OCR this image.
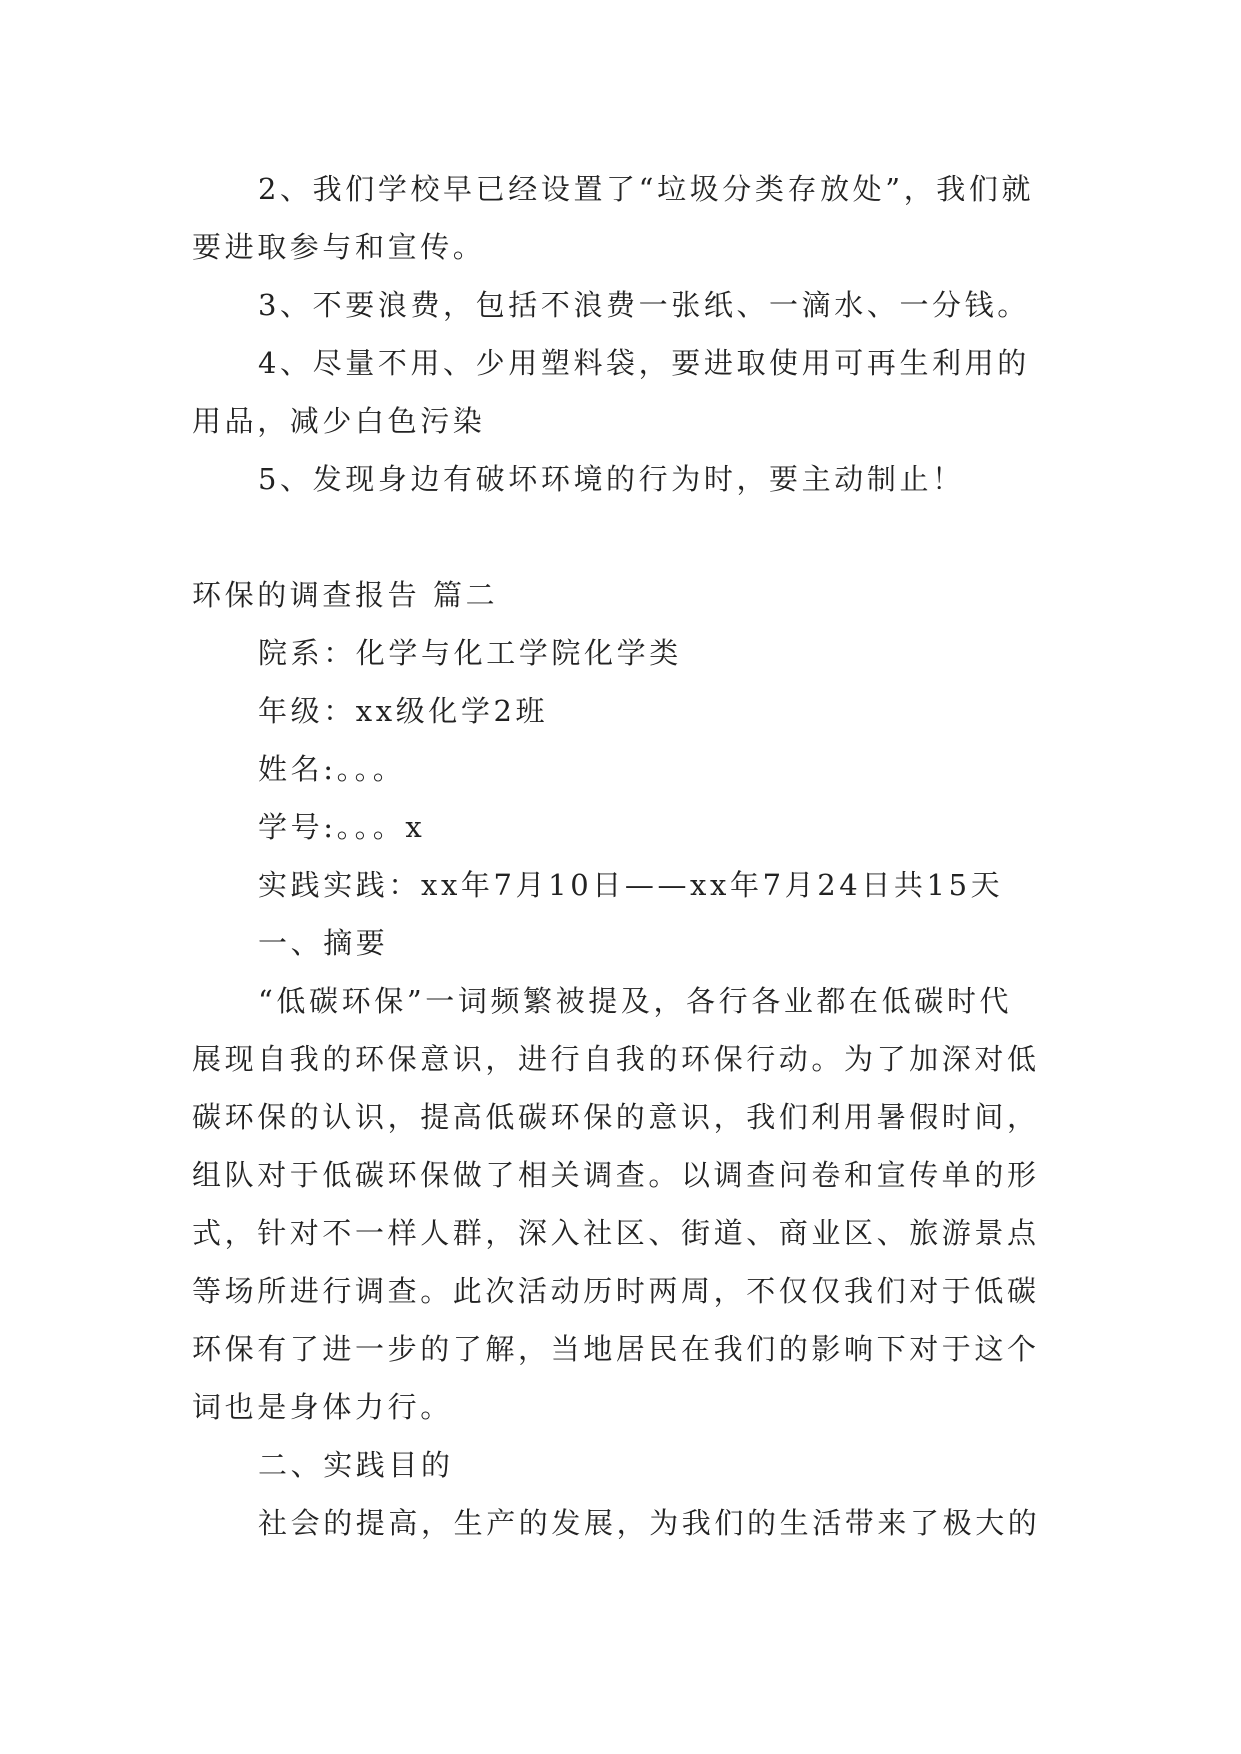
2、我们学校早已经设置了“垃圾分类存放处”，我们就

要进取参与和宣传。

3、不要浪费，包括不浪费一张纸、一滴水、一分钱。

4、尽量不用、少用塑料袋，要进取使用可再生利用的

用品，减少白色污染

5、发现身边有破坏环境的行为时，要主动制止！

环保的调查报告 篇二

院系：化学与化工学院化学类

年级：xx级化学2班

姓名:。。。

学号:。。。x

实践实践：xx年7月10日——xx年7月24日共15天

一、摘要

“低碳环保”一词频繁被提及，各行各业都在低碳时代

展现自我的环保意识，进行自我的环保行动。为了加深对低

碳环保的认识，提高低碳环保的意识，我们利用暑假时间，

组队对于低碳环保做了相关调查。以调查问卷和宣传单的形

式，针对不一样人群，深入社区、街道、商业区、旅游景点

等场所进行调查。此次活动历时两周，不仅仅我们对于低碳

环保有了进一步的了解，当地居民在我们的影响下对于这个

词也是身体力行。

二、实践目的

社会的提高，生产的发展，为我们的生活带来了极大的
